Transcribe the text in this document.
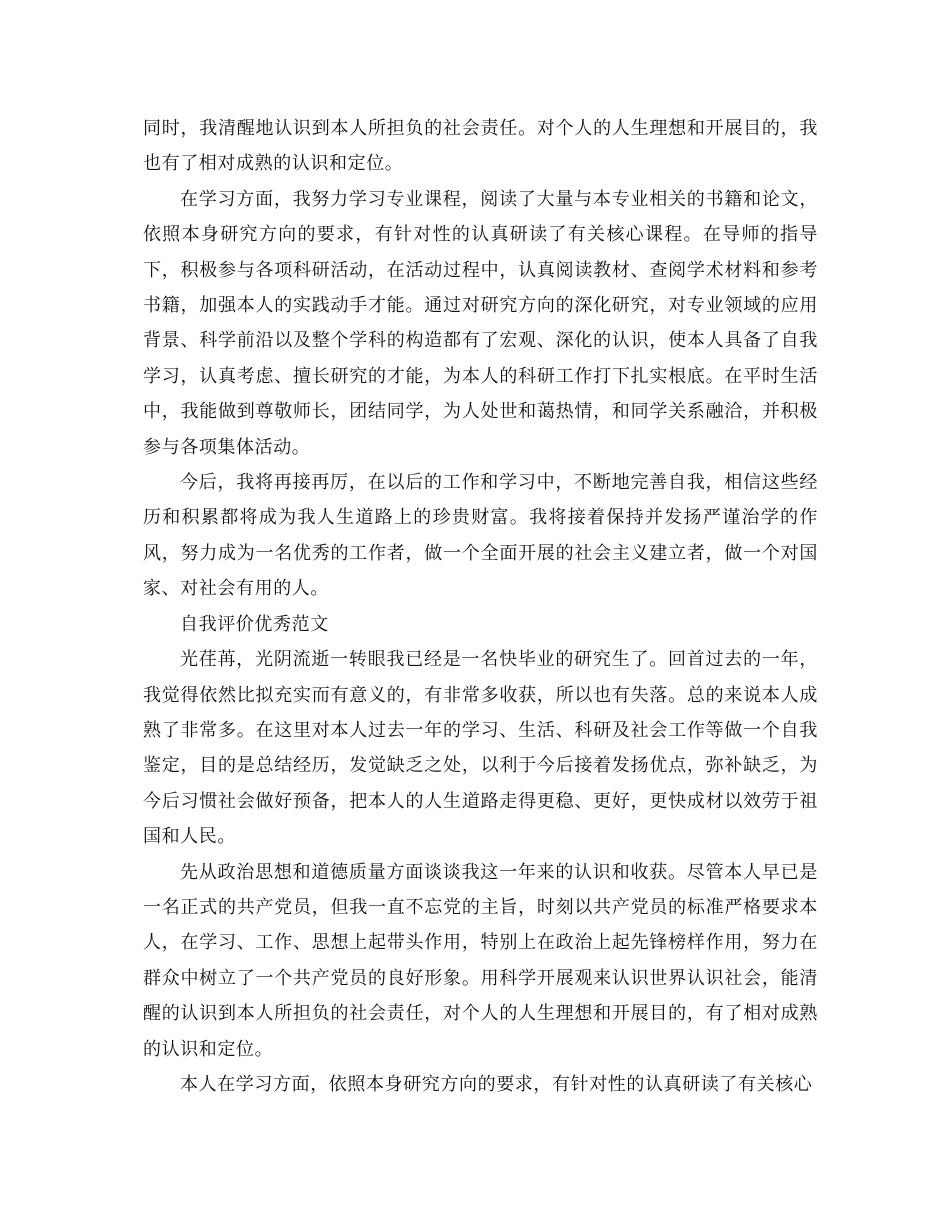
同时，我清醒地认识到本人所担负的社会责任。对个人的人生理想和开展目的，我也有了相对成熟的认识和定位。

在学习方面，我努力学习专业课程，阅读了大量与本专业相关的书籍和论文，依照本身研究方向的要求，有针对性的认真研读了有关核心课程。在导师的指导下，积极参与各项科研活动，在活动过程中，认真阅读教材、查阅学术材料和参考书籍，加强本人的实践动手才能。通过对研究方向的深化研究，对专业领域的应用背景、科学前沿以及整个学科的构造都有了宏观、深化的认识，使本人具备了自我学习，认真考虑、擅长研究的才能，为本人的科研工作打下扎实根底。在平时生活中，我能做到尊敬师长，团结同学，为人处世和蔼热情，和同学关系融洽，并积极参与各项集体活动。

今后，我将再接再厉，在以后的工作和学习中，不断地完善自我，相信这些经历和积累都将成为我人生道路上的珍贵财富。我将接着保持并发扬严谨治学的作风，努力成为一名优秀的工作者，做一个全面开展的社会主义建立者，做一个对国家、对社会有用的人。

自我评价优秀范文

光荏苒，光阴流逝一转眼我已经是一名快毕业的研究生了。回首过去的一年，我觉得依然比拟充实而有意义的，有非常多收获，所以也有失落。总的来说本人成熟了非常多。在这里对本人过去一年的学习、生活、科研及社会工作等做一个自我鉴定，目的是总结经历，发觉缺乏之处，以利于今后接着发扬优点，弥补缺乏，为今后习惯社会做好预备，把本人的人生道路走得更稳、更好，更快成材以效劳于祖国和人民。

先从政治思想和道德质量方面谈谈我这一年来的认识和收获。尽管本人早已是一名正式的共产党员，但我一直不忘党的主旨，时刻以共产党员的标准严格要求本人，在学习、工作、思想上起带头作用，特别上在政治上起先锋榜样作用，努力在群众中树立了一个共产党员的良好形象。用科学开展观来认识世界认识社会，能清醒的认识到本人所担负的社会责任，对个人的人生理想和开展目的，有了相对成熟的认识和定位。

本人在学习方面，依照本身研究方向的要求，有针对性的认真研读了有关核心
